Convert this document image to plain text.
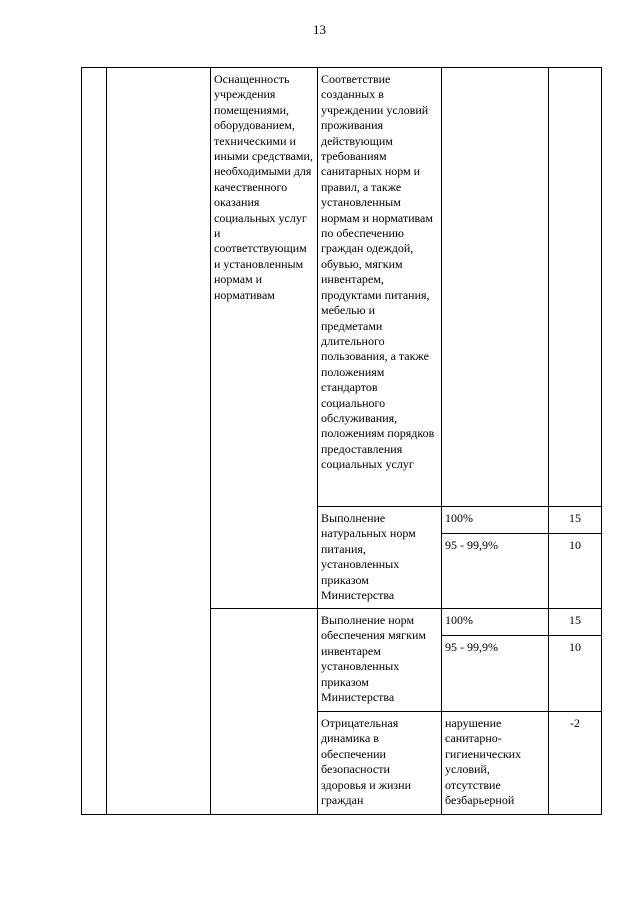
13
		Оснащенность учреждения помещениями, оборудованием, техническими и иными средствами, необходимыми для качественного оказания социальных услуг и соответствующим и установленным нормам и нормативам	Соответствие созданных в учреждении условий проживания действующим требованиям санитарных норм и правил, а также установленным нормам и нормативам по обеспечению граждан одеждой, обувью, мягким инвентарем, продуктами питания, мебелью и предметами длительного пользования, а также положениям стандартов социального обслуживания, положениям порядков предоставления социальных услуг		
			Выполнение натуральных норм питания, установленных приказом Министерства	100%	15
				95 - 99,9%	10
			Выполнение норм обеспечения мягким инвентарем установленных приказом Министерства	100%	15
				95 - 99,9%	10
			Отрицательная динамика в обеспечении безопасности здоровья и жизни граждан	нарушение санитарно-гигиенических условий, отсутствие безбарьерной	-2
